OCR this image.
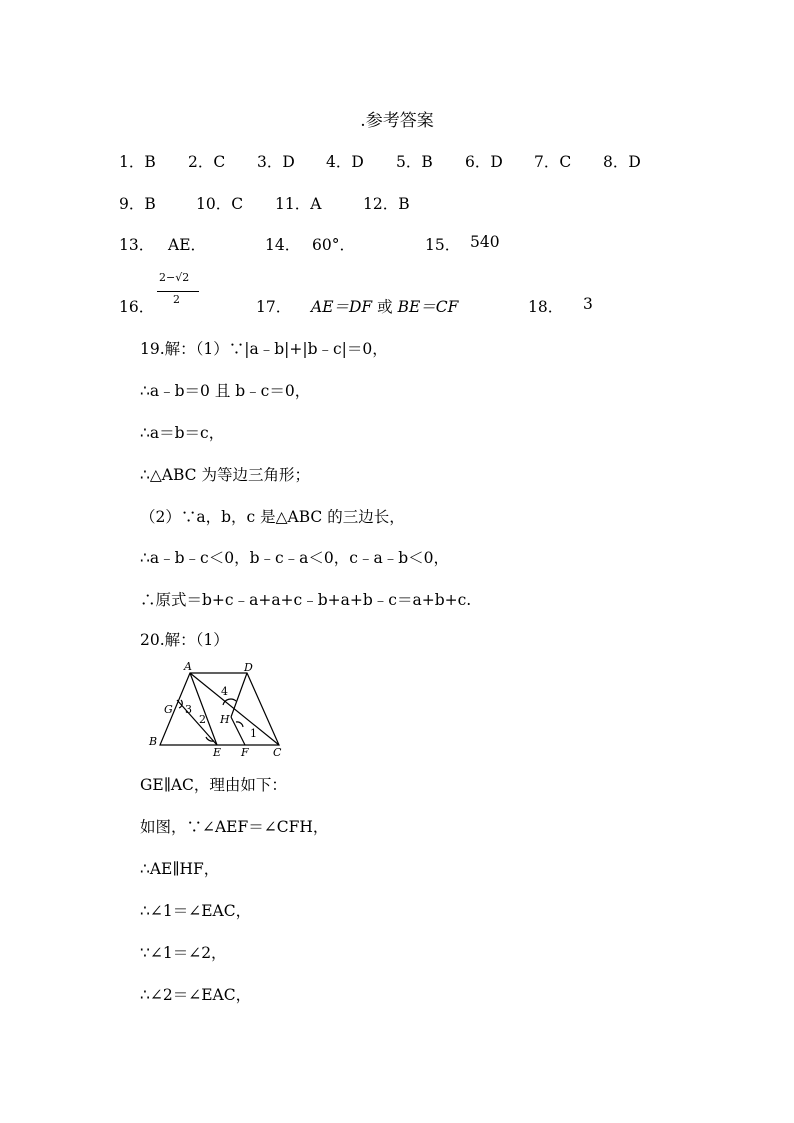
.参考答案
1．B 2．C 3．D 4．D 5．B 6．D 7．C 8．D
9．B	10．C 11．A	12．B
13． AE．	14． 60°．	15． 540
16．
2−√2
2	17． AE＝DF 或 BE＝CF	18． 3
19.解：（1）∵|a﹣b|+|b﹣c|＝0，
∴a﹣b＝0 且 b﹣c＝0，
∴a＝b＝c，
∴△ABC 为等边三角形；
（2）∵a，b，c 是△ABC 的三边长，
∴a﹣b﹣c＜0，b﹣c﹣a＜0，c﹣a﹣b＜0，
∴原式＝b+c﹣a+a+c﹣b+a+b﹣c＝a+b+c.
20.解：（1）
A	D
G
B
E F C
H
1
2
3
4
GE∥AC，理由如下：
如图，∵∠AEF＝∠CFH，
∴AE∥HF，
∴∠1＝∠EAC，
∵∠1＝∠2，
∴∠2＝∠EAC，
